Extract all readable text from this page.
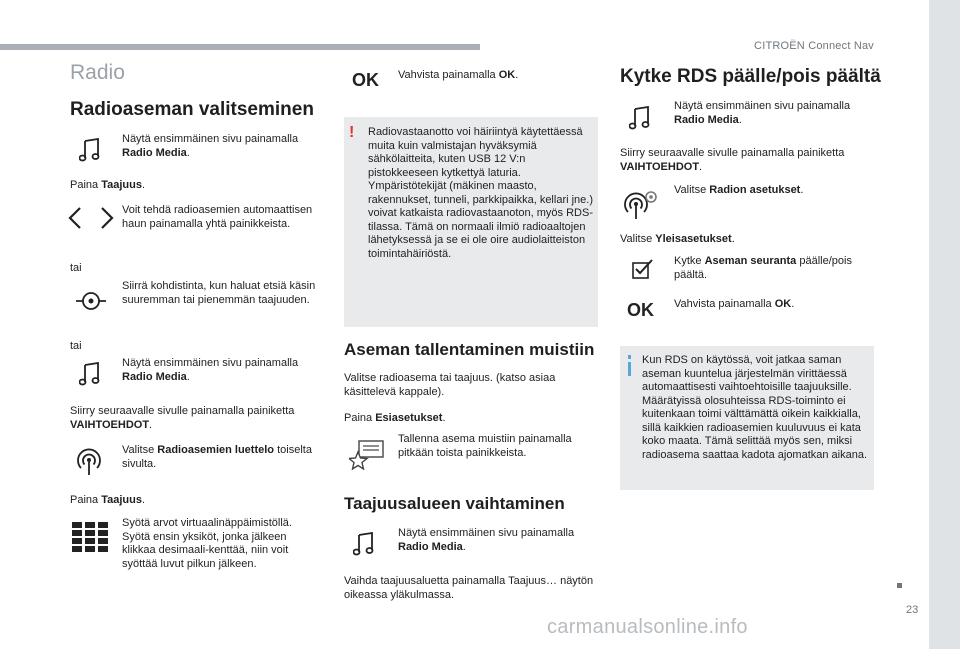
CITROËN Connect Nav
Radio
Radioaseman valitseminen
Näytä ensimmäinen sivu painamalla Radio Media.
Paina Taajuus.
Voit tehdä radioasemien automaattisen haun painamalla yhtä painikkeista.
tai
Siirrä kohdistinta, kun haluat etsiä käsin suuremman tai pienemmän taajuuden.
tai
Näytä ensimmäinen sivu painamalla Radio Media.
Siirry seuraavalle sivulle painamalla painiketta VAIHTOEHDOT.
Valitse Radioasemien luettelo toiselta sivulta.
Paina Taajuus.
Syötä arvot virtuaalinäppäimistöllä. Syötä ensin yksiköt, jonka jälkeen klikkaa desimaali-kenttää, niin voit syöttää luvut pilkun jälkeen.
OK Vahvista painamalla OK.
! Radiovastaanotto voi häiriintyä käytettäessä muita kuin valmistajan hyväksymiä sähkölaitteita, kuten USB 12 V:n pistokkeeseen kytkettyä laturia. Ympäristötekijät (mäkinen maasto, rakennukset, tunneli, parkkipaikka, kellari jne.) voivat katkaista radiovastaanoton, myös RDS-tilassa. Tämä on normaali ilmiö radioaaltojen lähetyksessä ja se ei ole oire audiolaitteiston toimintahäiriöstä.
Aseman tallentaminen muistiin
Valitse radioasema tai taajuus. (katso asiaa käsittelevä kappale).
Paina Esiasetukset.
Tallenna asema muistiin painamalla pitkään toista painikkeista.
Taajuusalueen vaihtaminen
Näytä ensimmäinen sivu painamalla Radio Media.
Vaihda taajuusaluetta painamalla Taajuus… näytön oikeassa yläkulmassa.
Kytke RDS päälle/pois päältä
Näytä ensimmäinen sivu painamalla Radio Media.
Siirry seuraavalle sivulle painamalla painiketta VAIHTOEHDOT.
Valitse Radion asetukset.
Valitse Yleisasetukset.
Kytke Aseman seuranta päälle/pois päältä.
OK Vahvista painamalla OK.
Kun RDS on käytössä, voit jatkaa saman aseman kuuntelua järjestelmän virittäessä automaattisesti vaihtoehtoisille taajuuksille. Määrätyissä olosuhteissa RDS-toiminto ei kuitenkaan toimi välttämättä oikein kaikkialla, sillä kaikkien radioasemien kuuluvuus ei kata koko maata. Tämä selittää myös sen, miksi radioasema saattaa kadota ajomatkan aikana.
23
carmanualsonline.info
